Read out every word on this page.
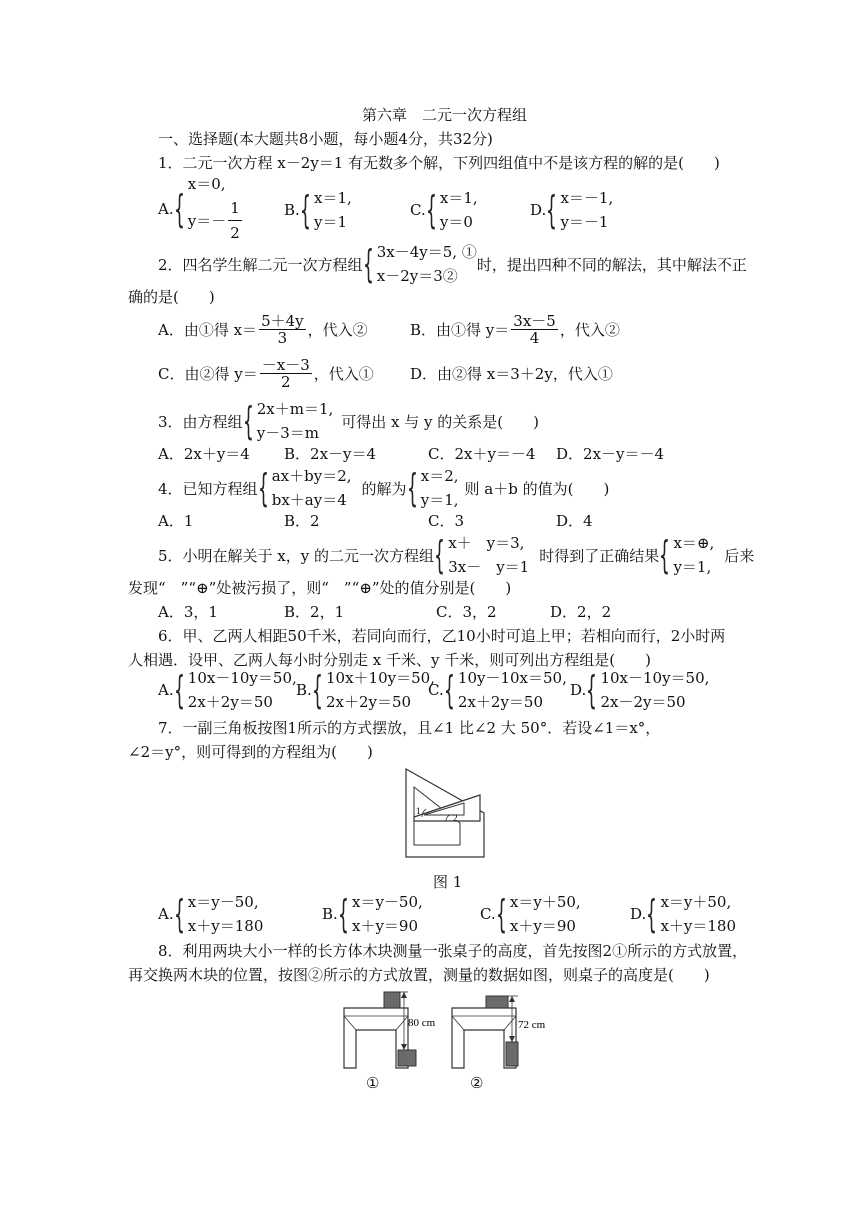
第六章　二元一次方程组
一、选择题(本大题共8小题，每小题4分，共32分)
1．二元一次方程 x－2y＝1 有无数多个解，下列四组值中不是该方程的解的是(　　)
A. {
x＝0,
$y=- \frac{1}{2}$	B. { x＝1,
y＝1
C. { x＝1,
y＝0
D. { x＝－1,
y＝－1
2．四名学生解二元一次方程组 { 3x－4y＝5, ①
x－2y＝3②
时，提出四种不同的解法，其中解法不正
确的是(　　)
A．由①得 $x= \frac{5+4y}{3}$ ，代入②	B．由①得 $y= \frac{3x-5}{4}$ ，代入②
C．由②得 $y= \frac{-x-3}{2}$ ，代入① D．由②得 x＝3＋2y，代入①
3．由方程组 { 2x＋m＝1,
y－3＝m
可得出 x 与 y 的关系是(　　)
A．2x＋y＝4 B．2x－y＝4	C．2x＋y＝－4 D．2x－y＝－4
4．已知方程组 { ax＋by＝2,
bx＋ay＝4
的解为 { x＝2,
y＝1,
则 a＋b 的值为(　　)
A．1	B．2	C．3	D．4
5．小明在解关于 x，y 的二元一次方程组 { x＋　y＝3,
3x－　y＝1
时得到了正确结果 { x＝⊕,
y＝1,
后来
发现“　”“⊕”处被污损了，则“　”“⊕”处的值分别是(　　)
A．3，1	B．2，1	C．3，2	D．2，2
6．甲、乙两人相距50千米，若同向而行，乙10小时可追上甲；若相向而行，2小时两
人相遇．设甲、乙两人每小时分别走 x 千米、y 千米，则可列出方程组是(　　)
A. { 10x－10y＝50,
2x＋2y＝50
B. { 10x＋10y＝50,
2x＋2y＝50
C. { 10y－10x＝50,
2x＋2y＝50
D. { 10x－10y＝50,
2x－2y＝50
7．一副三角板按图1所示的方式摆放，且∠1 比∠2 大 50°．若设∠1＝x°，
∠2＝y°，则可得到的方程组为(　　)
1
2
图 1
A. { x＝y－50,
x＋y＝180
B. { x＝y－50,
x＋y＝90
C. { x＝y＋50,
x＋y＝90
D. { x＝y＋50,
x＋y＝180
8．利用两块大小一样的长方体木块测量一张桌子的高度，首先按图2①所示的方式放置，
再交换两木块的位置，按图②所示的方式放置，测量的数据如图，则桌子的高度是(　　)
80 cm
①
72 cm
②
